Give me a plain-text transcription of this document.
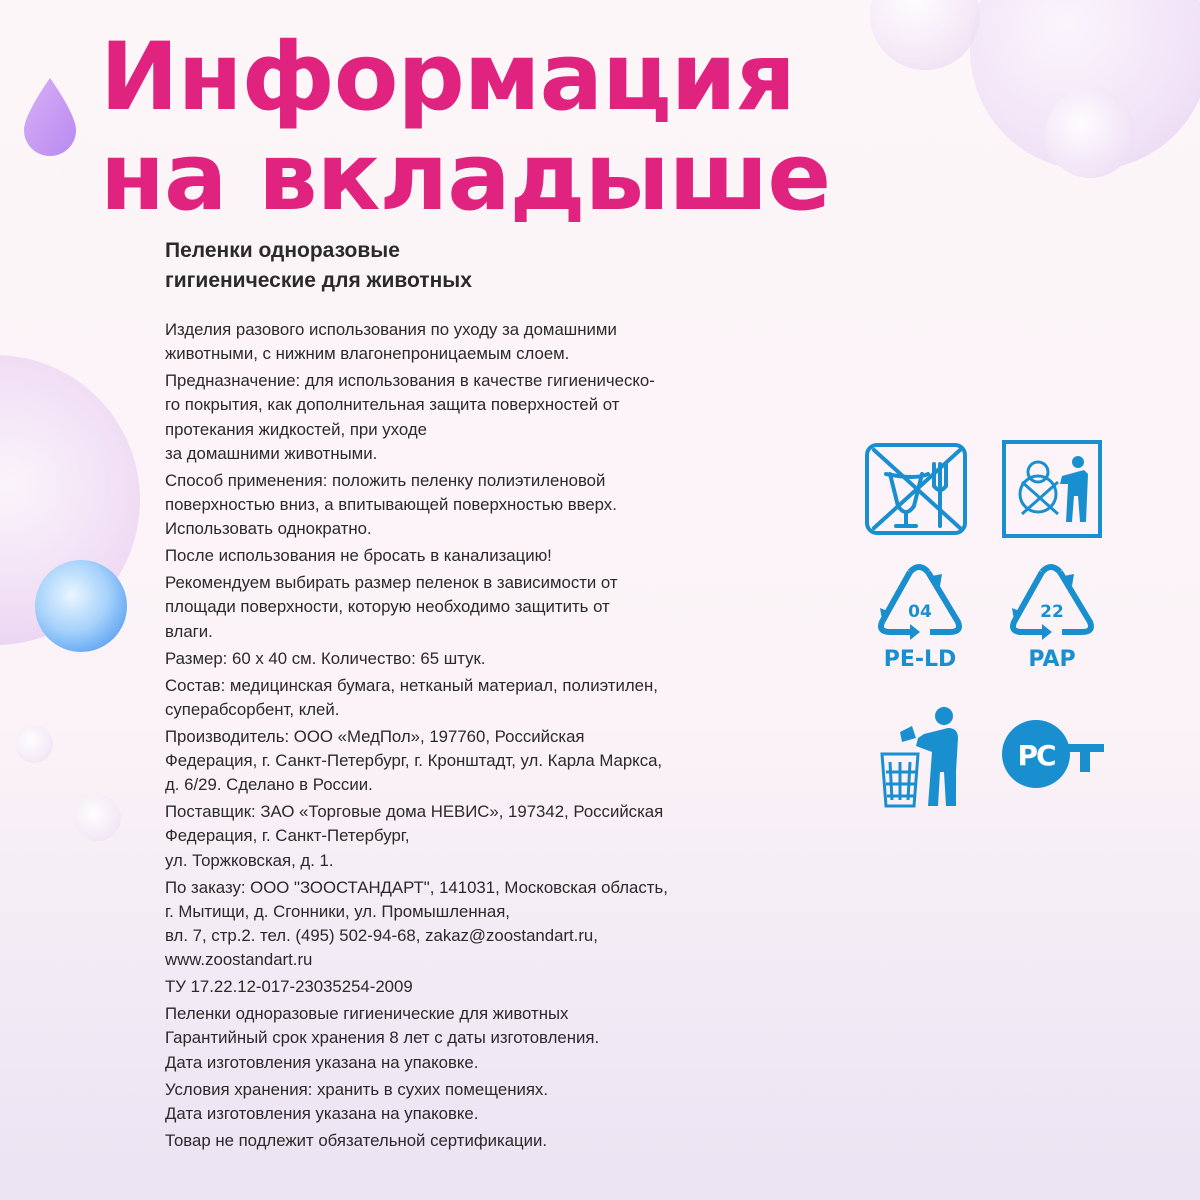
Информация
на вкладыше
Пеленки одноразовые
гигиенические для животных

Изделия разового использования по уходу за домашними
животными, с нижним влагонепроницаемым слоем.

Предназначение: для использования в качестве гигиеническо-
го покрытия, как дополнительная защита поверхностей от
протекания жидкостей, при уходе
за домашними животными.

Способ применения: положить пеленку полиэтиленовой
поверхностью вниз, а впитывающей поверхностью вверх.
Использовать однократно.

После использования не бросать в канализацию!

Рекомендуем выбирать размер пеленок в зависимости от
площади поверхности, которую необходимо защитить от
влаги.

Размер: 60 х 40 см. Количество: 65 штук.

Состав: медицинская бумага, нетканый материал, полиэтилен,
суперабсорбент, клей.

Производитель: ООО «МедПол», 197760, Российская
Федерация, г. Санкт-Петербург, г. Кронштадт, ул. Карла Маркса,
д. 6/29. Сделано в России.

Поставщик: ЗАО «Торговые дома НЕВИС», 197342, Российская
Федерация, г. Санкт-Петербург,
ул. Торжковская, д. 1.

По заказу: ООО "ЗООСТАНДАРТ", 141031, Московская область,
г. Мытищи, д. Сгонники, ул. Промышленная,
вл. 7, стр.2. тел. (495) 502-94-68, zakaz@zoostandart.ru,
www.zoostandart.ru

ТУ 17.22.12-017-23035254-2009

Пеленки одноразовые гигиенические для животных
Гарантийный срок хранения 8 лет с даты изготовления.
Дата изготовления указана на упаковке.

Условия хранения: хранить в сухих помещениях.
Дата изготовления указана на упаковке.

Товар не подлежит обязательной сертификации.

04
PE-LD
22
PAP
РС
